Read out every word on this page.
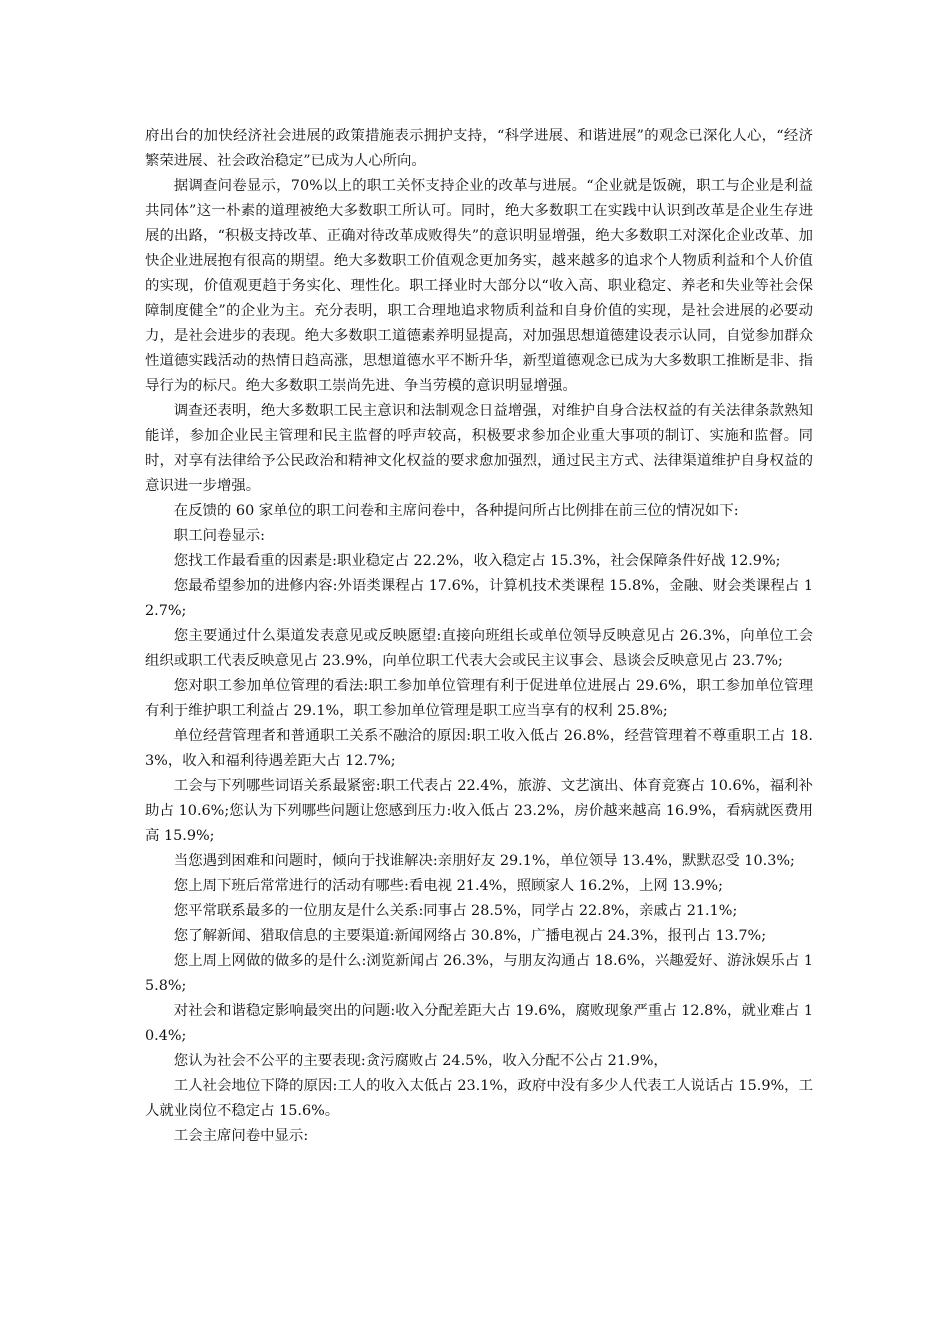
府出台的加快经济社会进展的政策措施表示拥护支持，“科学进展、和谐进展”的观念已深化人心，“经济繁荣进展、社会政治稳定”已成为人心所向。

据调查问卷显示，70%以上的职工关怀支持企业的改革与进展。“企业就是饭碗，职工与企业是利益共同体”这一朴素的道理被绝大多数职工所认可。同时，绝大多数职工在实践中认识到改革是企业生存进展的出路，“积极支持改革、正确对待改革成败得失”的意识明显增强，绝大多数职工对深化企业改革、加快企业进展抱有很高的期望。绝大多数职工价值观念更加务实，越来越多的追求个人物质利益和个人价值的实现，价值观更趋于务实化、理性化。职工择业时大部分以“收入高、职业稳定、养老和失业等社会保障制度健全”的企业为主。充分表明，职工合理地追求物质利益和自身价值的实现，是社会进展的必要动力，是社会进步的表现。绝大多数职工道德素养明显提高，对加强思想道德建设表示认同，自觉参加群众性道德实践活动的热情日趋高涨，思想道德水平不断升华，新型道德观念已成为大多数职工推断是非、指导行为的标尺。绝大多数职工崇尚先进、争当劳模的意识明显增强。

调查还表明，绝大多数职工民主意识和法制观念日益增强，对维护自身合法权益的有关法律条款熟知能详，参加企业民主管理和民主监督的呼声较高，积极要求参加企业重大事项的制订、实施和监督。同时，对享有法律给予公民政治和精神文化权益的要求愈加强烈，通过民主方式、法律渠道维护自身权益的意识进一步增强。

在反馈的 60 家单位的职工问卷和主席问卷中，各种提问所占比例排在前三位的情况如下:

职工问卷显示:

您找工作最看重的因素是:职业稳定占 22.2%，收入稳定占 15.3%，社会保障条件好战 12.9%;

您最希望参加的进修内容:外语类课程占 17.6%，计算机技术类课程 15.8%，金融、财会类课程占 12.7%;

您主要通过什么渠道发表意见或反映愿望:直接向班组长或单位领导反映意见占 26.3%，向单位工会组织或职工代表反映意见占 23.9%，向单位职工代表大会或民主议事会、恳谈会反映意见占 23.7%;

您对职工参加单位管理的看法:职工参加单位管理有利于促进单位进展占 29.6%，职工参加单位管理有利于维护职工利益占 29.1%，职工参加单位管理是职工应当享有的权利 25.8%;

单位经营管理者和普通职工关系不融洽的原因:职工收入低占 26.8%，经营管理着不尊重职工占 18.3%，收入和福利待遇差距大占 12.7%;

工会与下列哪些词语关系最紧密:职工代表占 22.4%，旅游、文艺演出、体育竞赛占 10.6%，福利补助占 10.6%;您认为下列哪些问题让您感到压力:收入低占 23.2%，房价越来越高 16.9%，看病就医费用高 15.9%;

当您遇到困难和问题时，倾向于找谁解决:亲朋好友 29.1%，单位领导 13.4%，默默忍受 10.3%;

您上周下班后常常进行的活动有哪些:看电视 21.4%，照顾家人 16.2%，上网 13.9%;

您平常联系最多的一位朋友是什么关系:同事占 28.5%，同学占 22.8%，亲戚占 21.1%;

您了解新闻、猎取信息的主要渠道:新闻网络占 30.8%，广播电视占 24.3%，报刊占 13.7%;

您上周上网做的做多的是什么:浏览新闻占 26.3%，与朋友沟通占 18.6%，兴趣爱好、游泳娱乐占 15.8%;

对社会和谐稳定影响最突出的问题:收入分配差距大占 19.6%，腐败现象严重占 12.8%，就业难占 10.4%;

您认为社会不公平的主要表现:贪污腐败占 24.5%，收入分配不公占 21.9%，

工人社会地位下降的原因:工人的收入太低占 23.1%，政府中没有多少人代表工人说话占 15.9%，工人就业岗位不稳定占 15.6%。

工会主席问卷中显示:
